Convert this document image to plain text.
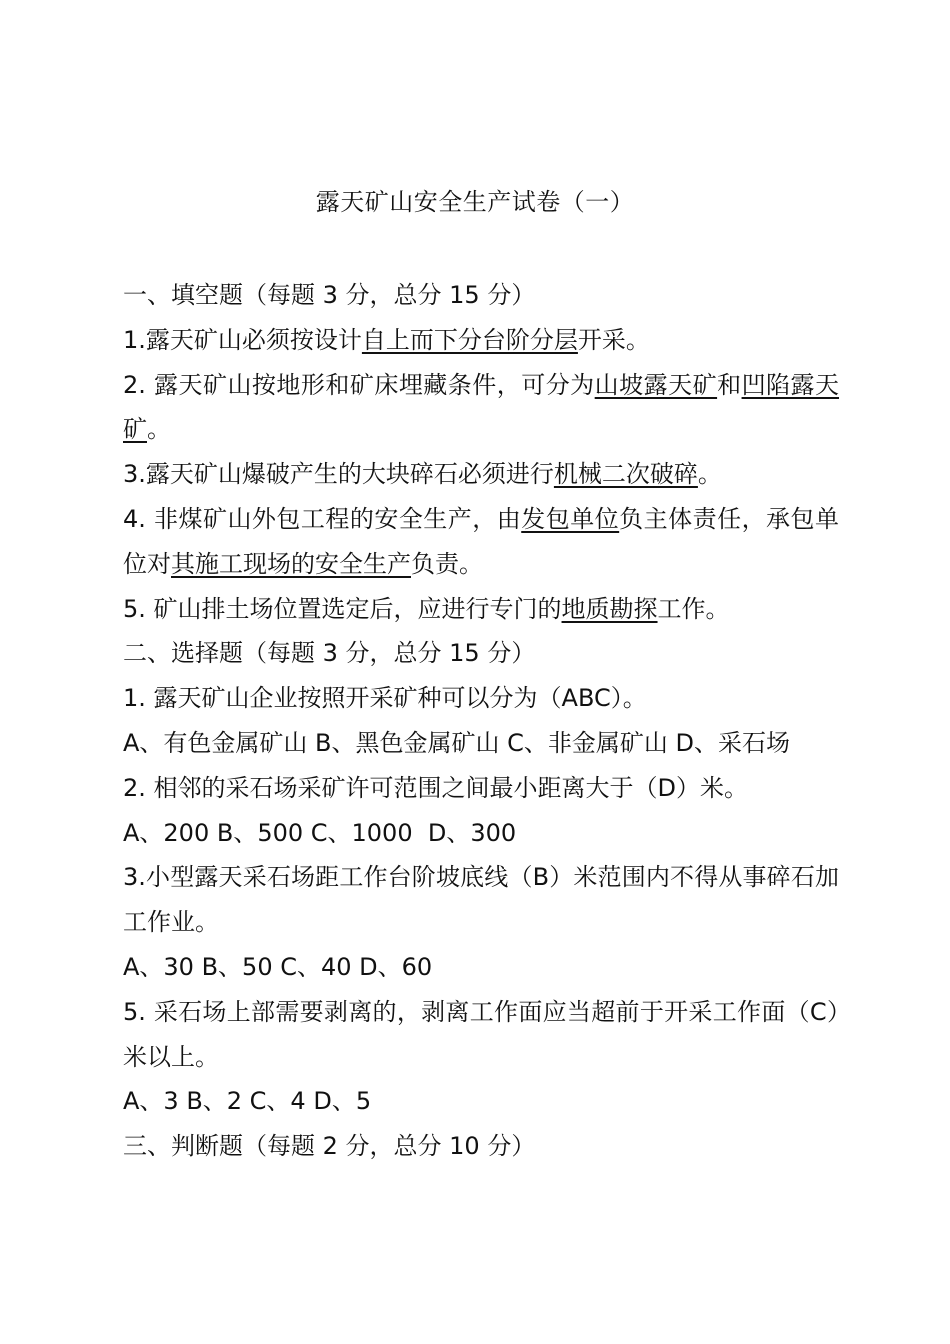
露天矿山安全生产试卷（一）

一、填空题（每题 3 分，总分 15 分）

1.露天矿山必须按设计自上而下分台阶分层开采。

2. 露天矿山按地形和矿床埋藏条件，可分为山坡露天矿和凹陷露天矿。

3.露天矿山爆破产生的大块碎石必须进行机械二次破碎。

4. 非煤矿山外包工程的安全生产，由发包单位负主体责任，承包单位对其施工现场的安全生产负责。

5. 矿山排土场位置选定后，应进行专门的地质勘探工作。

二、选择题（每题 3 分，总分 15 分）

1. 露天矿山企业按照开采矿种可以分为（ABC）。

A、有色金属矿山 B、黑色金属矿山 C、非金属矿山 D、采石场

2. 相邻的采石场采矿许可范围之间最小距离大于（D）米。

A、200 B、500 C、1000  D、300

3.小型露天采石场距工作台阶坡底线（B）米范围内不得从事碎石加工作业。

A、30 B、50 C、40 D、60

5. 采石场上部需要剥离的，剥离工作面应当超前于开采工作面（C）米以上。

A、3 B、2 C、4 D、5

三、判断题（每题 2 分，总分 10 分）
